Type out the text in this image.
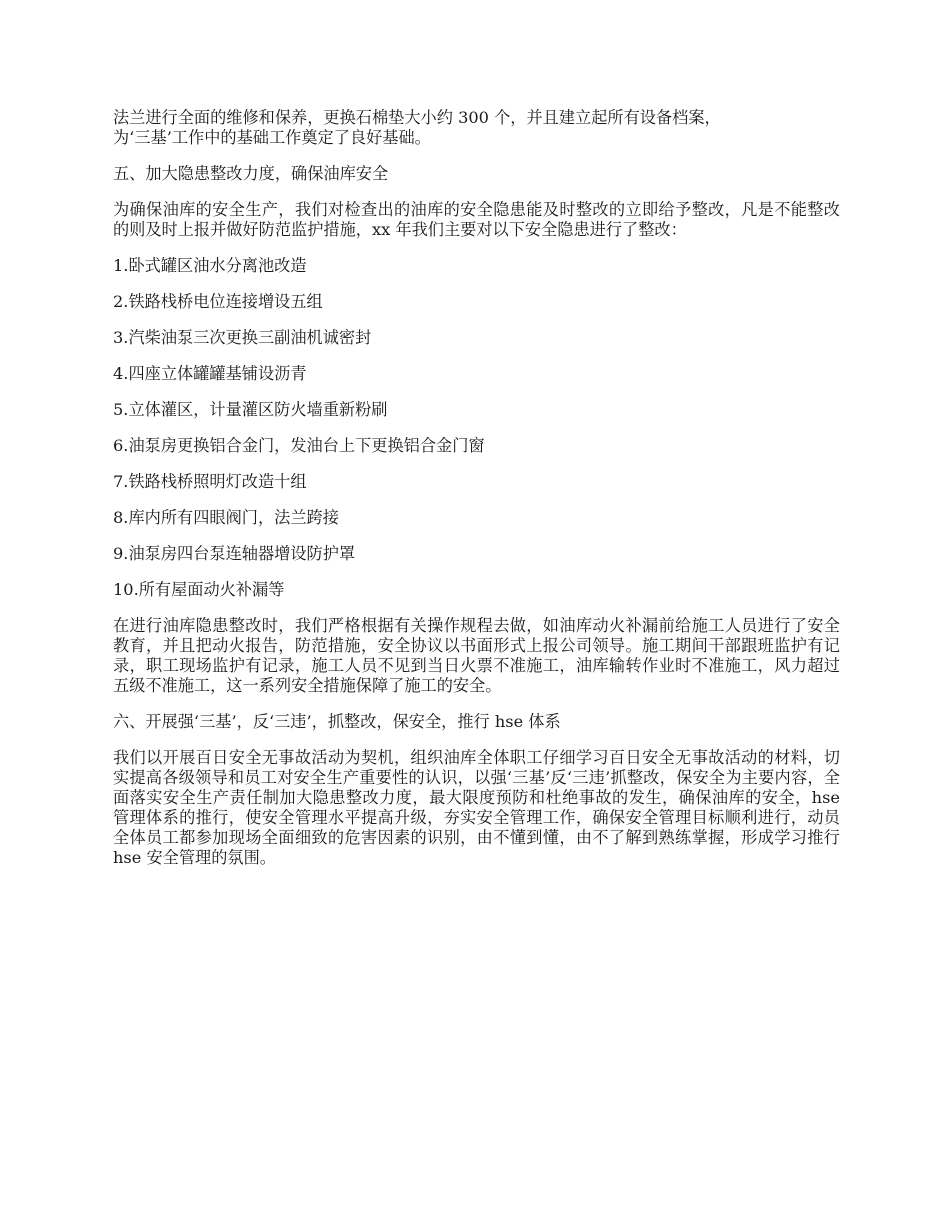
法兰进行全面的维修和保养，更换石棉垫大小约 300 个，并且建立起所有设备档案，
为‘三基’工作中的基础工作奠定了良好基础。
五、加大隐患整改力度，确保油库安全
为确保油库的安全生产，我们对检查出的油库的安全隐患能及时整改的立即给予整改，凡是不能整改的则及时上报并做好防范监护措施，xx 年我们主要对以下安全隐患进行了整改：
1.卧式罐区油水分离池改造
2.铁路栈桥电位连接增设五组
3.汽柴油泵三次更换三副油机诚密封
4.四座立体罐罐基铺设沥青
5.立体灌区，计量灌区防火墙重新粉刷
6.油泵房更换铝合金门，发油台上下更换铝合金门窗
7.铁路栈桥照明灯改造十组
8.库内所有四眼阀门，法兰跨接
9.油泵房四台泵连轴器增设防护罩
10.所有屋面动火补漏等
在进行油库隐患整改时，我们严格根据有关操作规程去做，如油库动火补漏前给施工人员进行了安全教育，并且把动火报告，防范措施，安全协议以书面形式上报公司领导。施工期间干部跟班监护有记录，职工现场监护有记录，施工人员不见到当日火票不准施工，油库输转作业时不准施工，风力超过五级不准施工，这一系列安全措施保障了施工的安全。
六、开展强‘三基’，反‘三违’，抓整改，保安全，推行 hse 体系
我们以开展百日安全无事故活动为契机，组织油库全体职工仔细学习百日安全无事故活动的材料，切实提高各级领导和员工对安全生产重要性的认识，以强‘三基’反‘三违’抓整改，保安全为主要内容，全面落实安全生产责任制加大隐患整改力度，最大限度预防和杜绝事故的发生，确保油库的安全，hse 管理体系的推行，使安全管理水平提高升级，夯实安全管理工作，确保安全管理目标顺利进行，动员全体员工都参加现场全面细致的危害因素的识别，由不懂到懂，由不了解到熟练掌握，形成学习推行 hse 安全管理的氛围。
